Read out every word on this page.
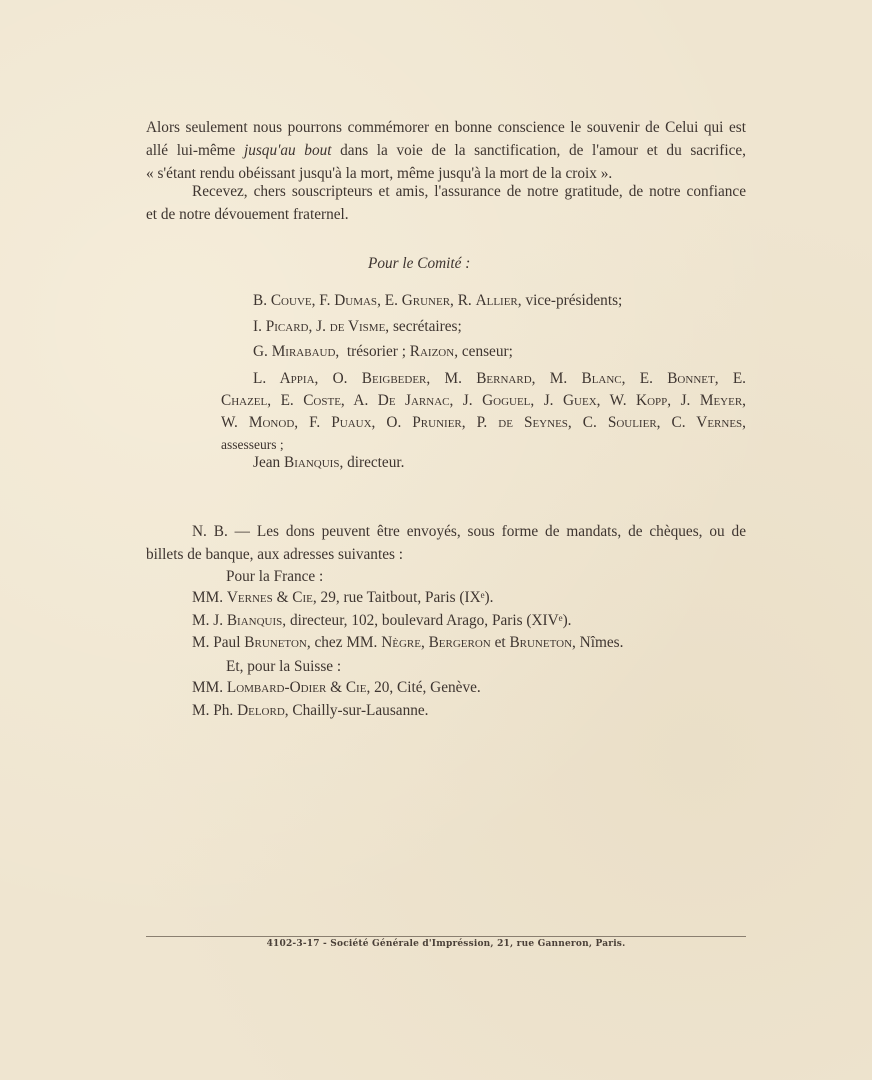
Alors seulement nous pourrons commémorer en bonne conscience le souvenir de Celui qui est
allé lui-même jusqu'au bout dans la voie de la sanctification, de l'amour et du sacrifice,
« s'étant rendu obéissant jusqu'à la mort, même jusqu'à la mort de la croix ».
Recevez, chers souscripteurs et amis, l'assurance de notre gratitude, de notre confiance
et de notre dévouement fraternel.
Pour le Comité :
B. Couve, F. Dumas, E. Gruner, R. Allier, vice-présidents;
I. Picard, J. de Visme, secrétaires;
G. Mirabaud,  trésorier ; Raizon, censeur;
L. Appia, O. Beigbeder, M. Bernard, M. Blanc, E. Bonnet, E.
Chazel, E. Coste, A. De Jarnac, J. Goguel, J. Guex, W. Kopp, J. Meyer,
W. Monod, F. Puaux, O. Prunier, P. de Seynes, C. Soulier, C. Vernes,
assesseurs ;
Jean Bianquis, directeur.
N. B. — Les dons peuvent être envoyés, sous forme de mandats, de chèques, ou de
billets de banque, aux adresses suivantes :
Pour la France :
MM. Vernes & Cie, 29, rue Taitbout, Paris (IXᵉ).
M. J. Bianquis, directeur, 102, boulevard Arago, Paris (XIVᵉ).
M. Paul Bruneton, chez MM. Nègre, Bergeron et Bruneton, Nîmes.
Et, pour la Suisse :
MM. Lombard-Odier & Cie, 20, Cité, Genève.
M. Ph. Delord, Chailly-sur-Lausanne.
4102-3-17 - Société Générale d'Impréssion, 21, rue Ganneron, Paris.
